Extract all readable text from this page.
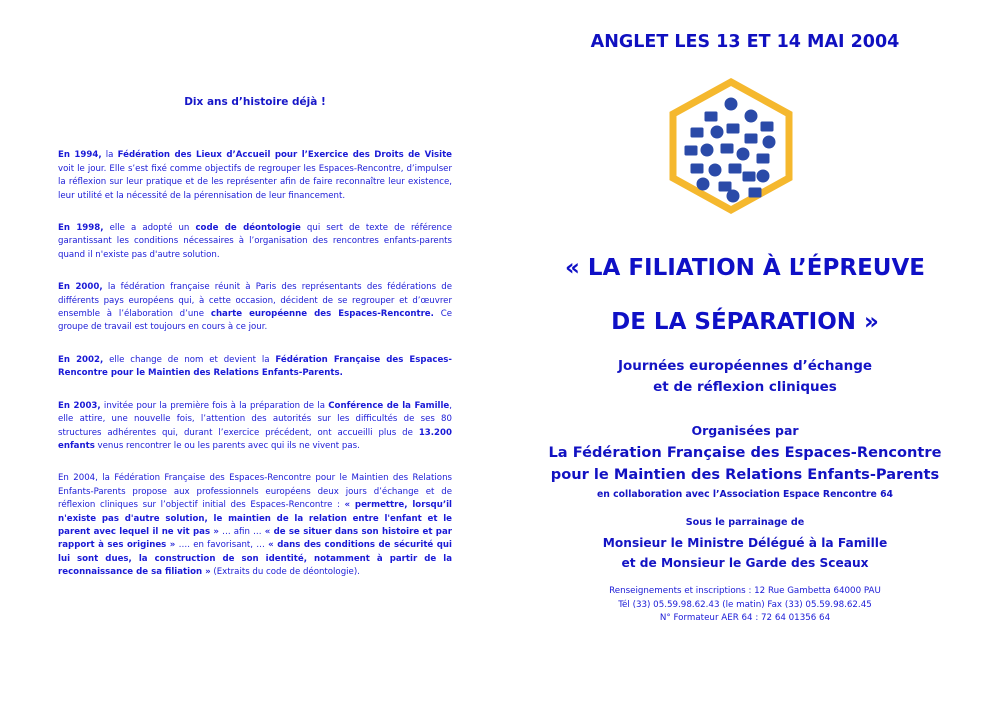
Dix ans d’histoire déjà !

En 1994, la Fédération des Lieux d’Accueil pour l’Exercice des Droits de Visite voit le jour. Elle s’est fixé comme objectifs de regrouper les Espaces-Rencontre, d’impulser la réflexion sur leur pratique et de les représenter afin de faire reconnaître leur existence, leur utilité et la nécessité de la pérennisation de leur financement.

En 1998, elle a adopté un code de déontologie qui sert de texte de référence garantissant les conditions nécessaires à l’organisation des rencontres enfants-parents quand il n'existe pas d'autre solution.

En 2000, la fédération française réunit à Paris des représentants des fédérations de différents pays européens qui, à cette occasion, décident de se regrouper et d’œuvrer ensemble à l’élaboration d’une charte européenne des Espaces-Rencontre. Ce groupe de travail est toujours en cours à ce jour.

En 2002, elle change de nom et devient la Fédération Française des Espaces-Rencontre pour le Maintien des Relations Enfants-Parents.

En 2003, invitée pour la première fois à la préparation de la Conférence de la Famille, elle attire, une nouvelle fois, l’attention des autorités sur les difficultés de ses 80 structures adhérentes qui, durant l’exercice précédent, ont accueilli plus de 13.200 enfants venus rencontrer le ou les parents avec qui ils ne vivent pas.

En 2004, la Fédération Française des Espaces-Rencontre pour le Maintien des Relations Enfants-Parents propose aux professionnels européens deux jours d’échange et de réflexion cliniques sur l’objectif initial des Espaces-Rencontre : « permettre, lorsqu’il n'existe pas d'autre solution, le maintien de la relation entre l'enfant et le parent avec lequel il ne vit pas » … afin … « de se situer dans son histoire et par rapport à ses origines » …. en favorisant, … « dans des conditions de sécurité qui lui sont dues, la construction de son identité, notamment à partir de la reconnaissance de sa filiation » (Extraits du code de déontologie).

ANGLET LES 13 ET 14 MAI 2004
« LA FILIATION À L’ÉPREUVE
DE LA SÉPARATION »
Journées européennes d’échange
et de réflexion cliniques
Organisées par
La Fédération Française des Espaces-Rencontre
pour le Maintien des Relations Enfants-Parents
en collaboration avec l’Association Espace Rencontre 64
Sous le parrainage de
Monsieur le Ministre Délégué à la Famille
et de Monsieur le Garde des Sceaux
Renseignements et inscriptions : 12 Rue Gambetta 64000 PAU
Tél (33) 05.59.98.62.43 (le matin) Fax (33) 05.59.98.62.45
N° Formateur AER 64 : 72 64 01356 64
